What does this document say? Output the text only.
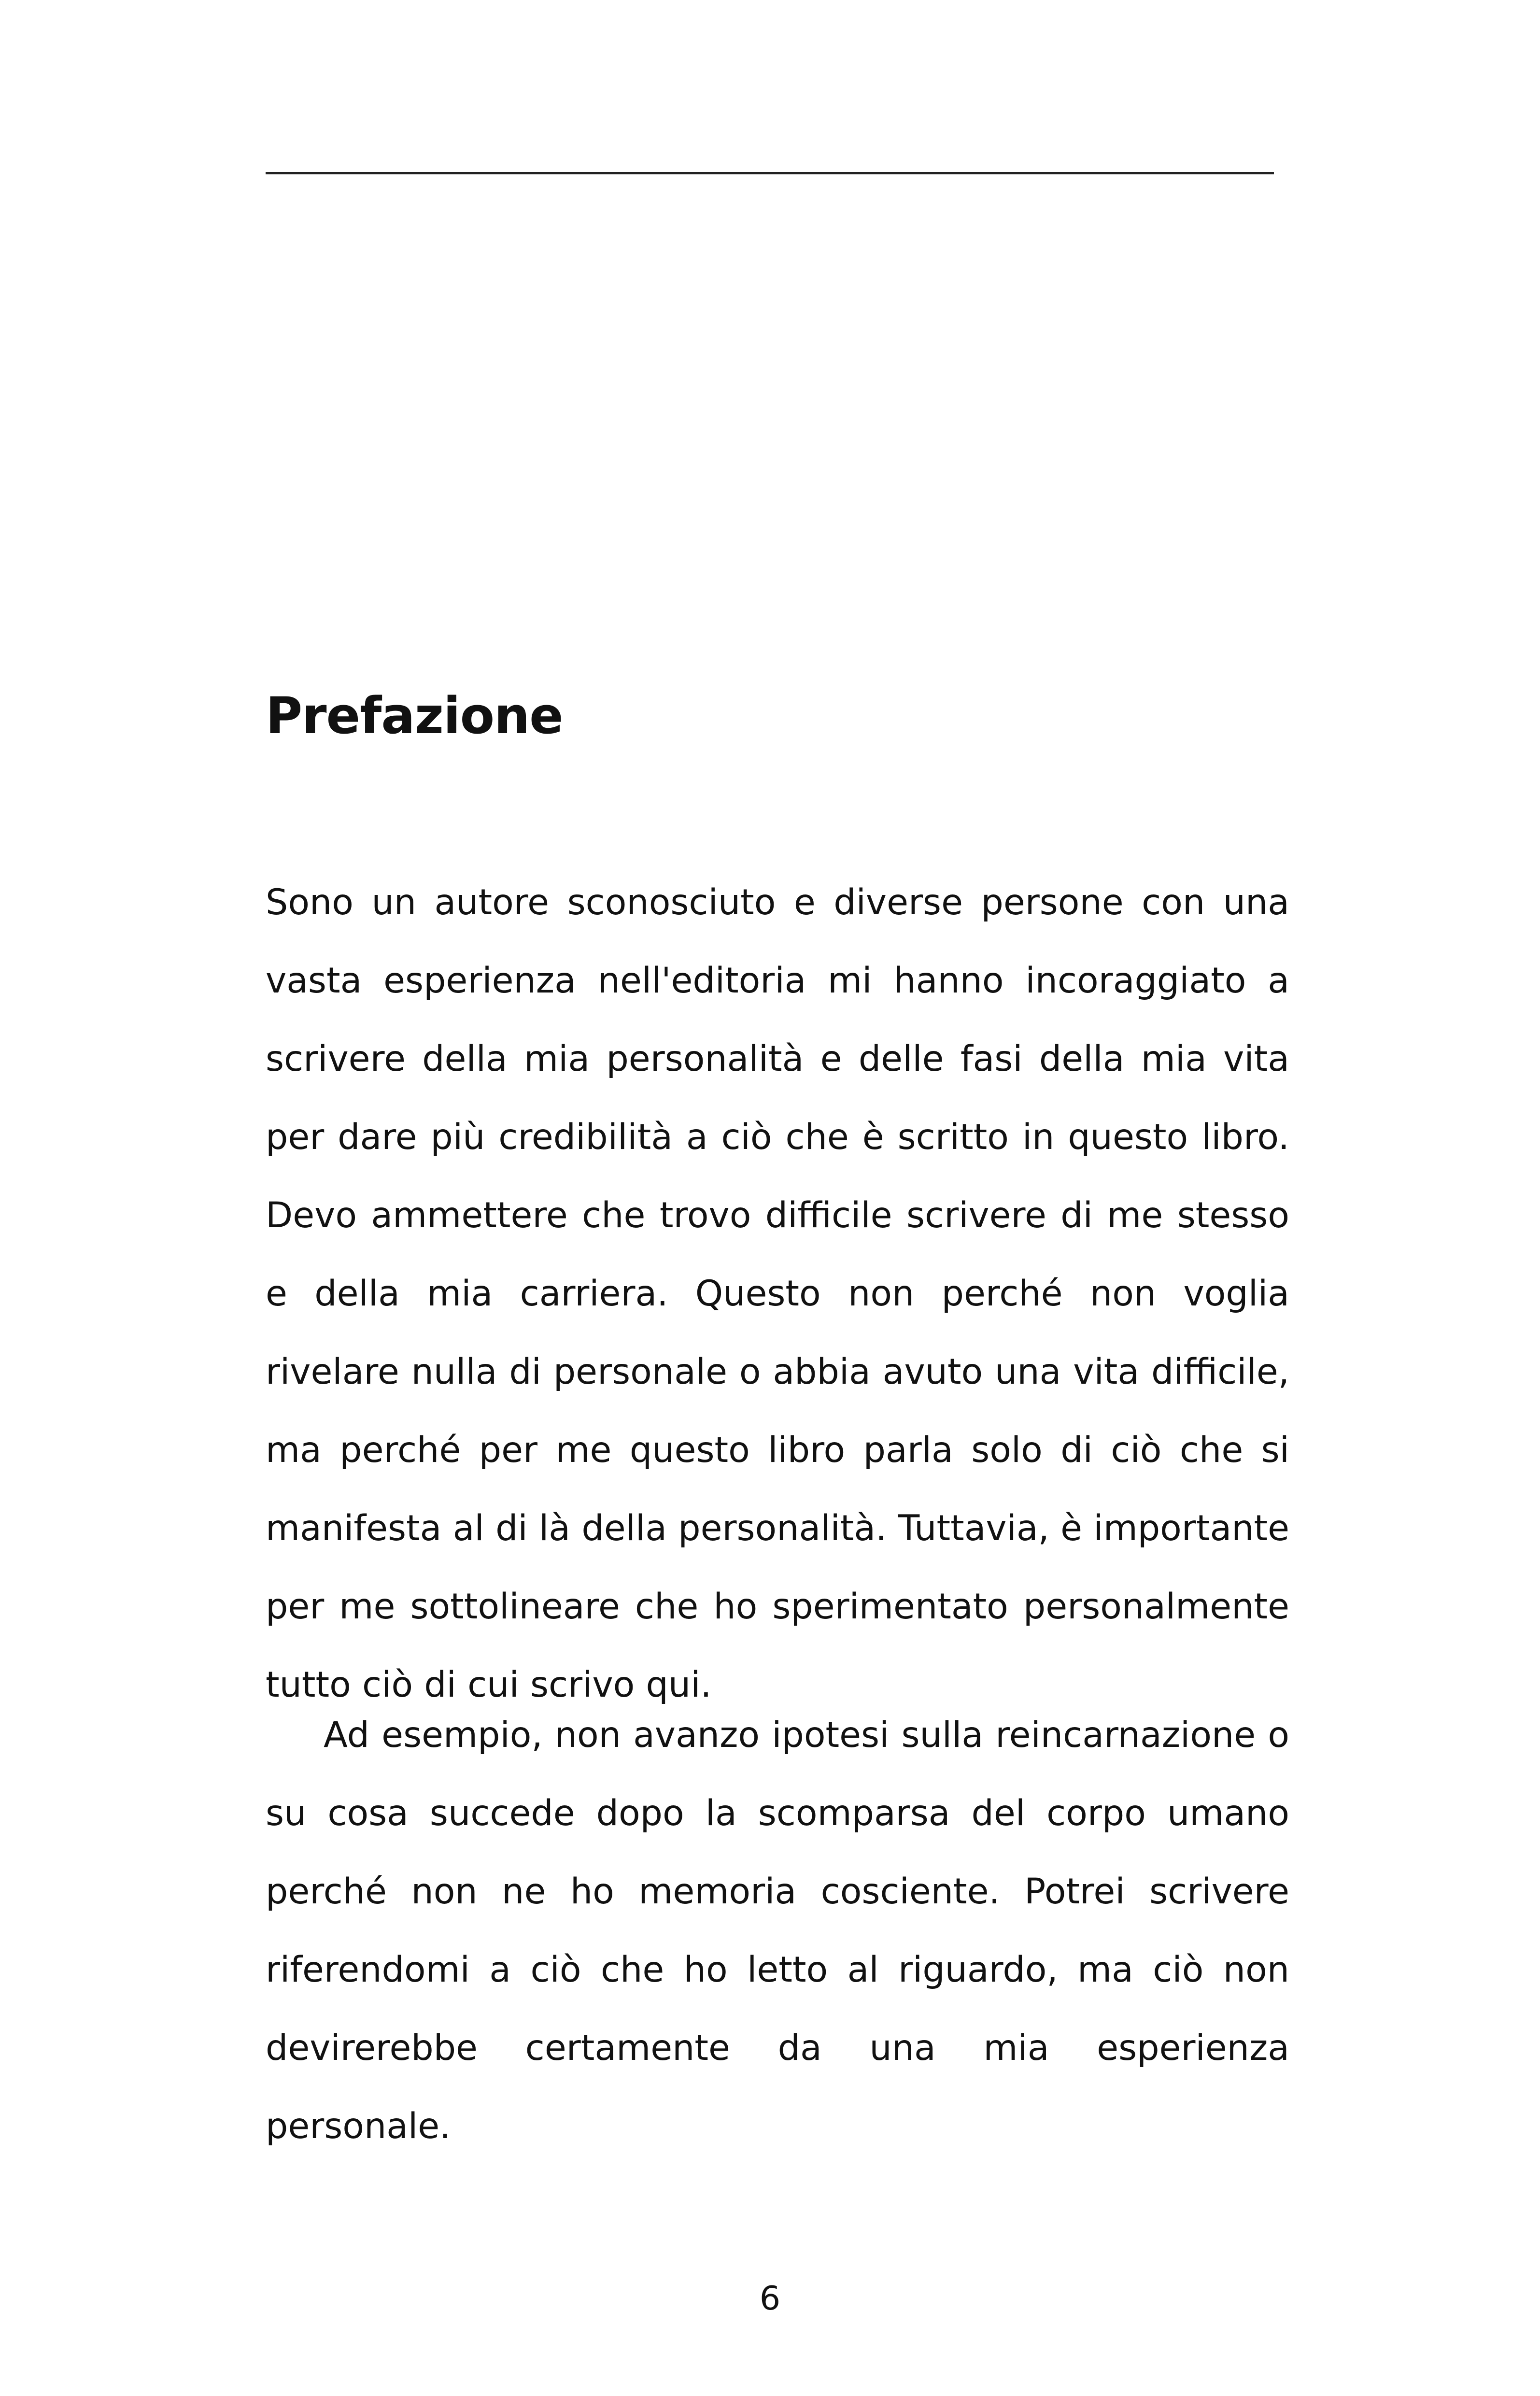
Prefazione

Sono un autore sconosciuto e diverse persone con una vasta esperienza nell'editoria mi hanno incoraggiato a scrivere della mia personalità e delle fasi della mia vita per dare più credibilità a ciò che è scritto in questo libro. Devo ammettere che trovo difficile scrivere di me stesso e della mia carriera. Questo non perché non voglia rivelare nulla di personale o abbia avuto una vita difficile, ma perché per me questo libro parla solo di ciò che si manifesta al di là della personalità. Tuttavia, è importante per me sottolineare che ho sperimentato personalmente tutto ciò di cui scrivo qui.

Ad esempio, non avanzo ipotesi sulla reincarnazione o su cosa succede dopo la scomparsa del corpo umano perché non ne ho memoria cosciente. Potrei scrivere riferendomi a ciò che ho letto al riguardo, ma ciò non devirerebbe certamente da una mia esperienza personale.

6
